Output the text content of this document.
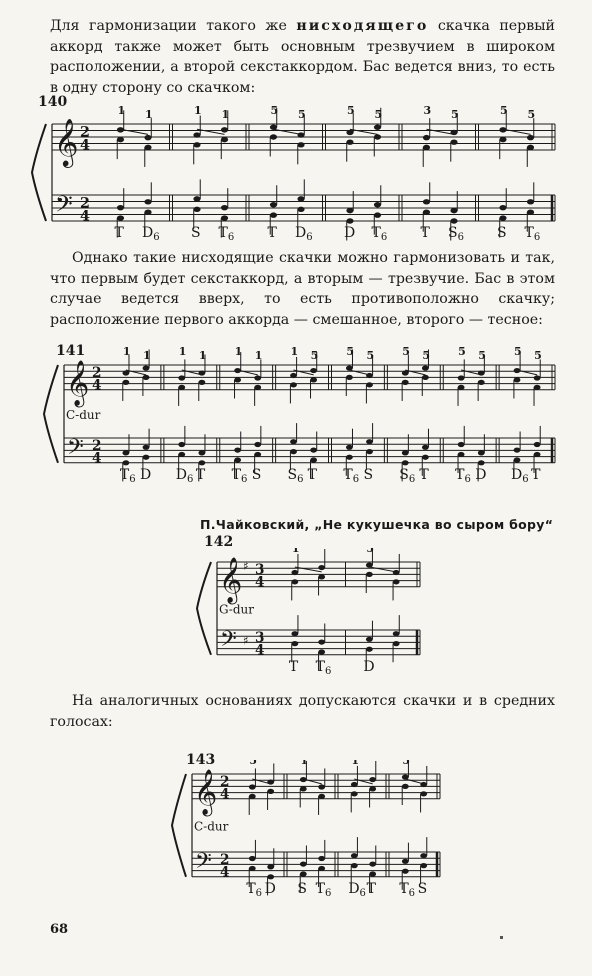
Для гармонизации такого же нисходящего скачка первый аккорд также может быть основным трезвучием в широком расположении, а второй секстаккордом. Бас ведется вниз, то есть в одну сторону со скачком:

140
𝄞
𝄢
2
4
2
4
1
T
1
$D_6$
1
S
1
$T_6$
5
T
5
$D_6$
5
D
5
$T_6$
3
T
5
$S_6$
5
S
5
$T_6$

Однако такие нисходящие скачки можно гармонизовать и так, что первым будет секстаккорд, а вторым — трезвучие. Бас в этом случае ведется вверх, то есть противоположно скачку; расположение первого аккорда — смешанное, второго — тесное:

141
𝄞
𝄢
2
4
2
4
1
$T_6$
1
D
1
$D_6$
1
T
1
$T_6$
1
S
1
$S_6$
5
T
5
$T_6$
5
S
5
$S_6$
5
T
5
$T_6$
5
D
5
$D_6$
5
T
C-dur
П.Чайковский, „Не кукушечка во сыром бору“
142
𝄞
𝄢
♯
♯
3
4
3
4
1
T $T_6$
5
D
G-dur

На аналогичных основаниях допускаются скачки и в средних голосах:

143
𝄞
𝄢
2
4
2
4
5
$T_6$ D
1
S $T_6$
1
$D_6$ T
5
$T_6$ S
C-dur
68
